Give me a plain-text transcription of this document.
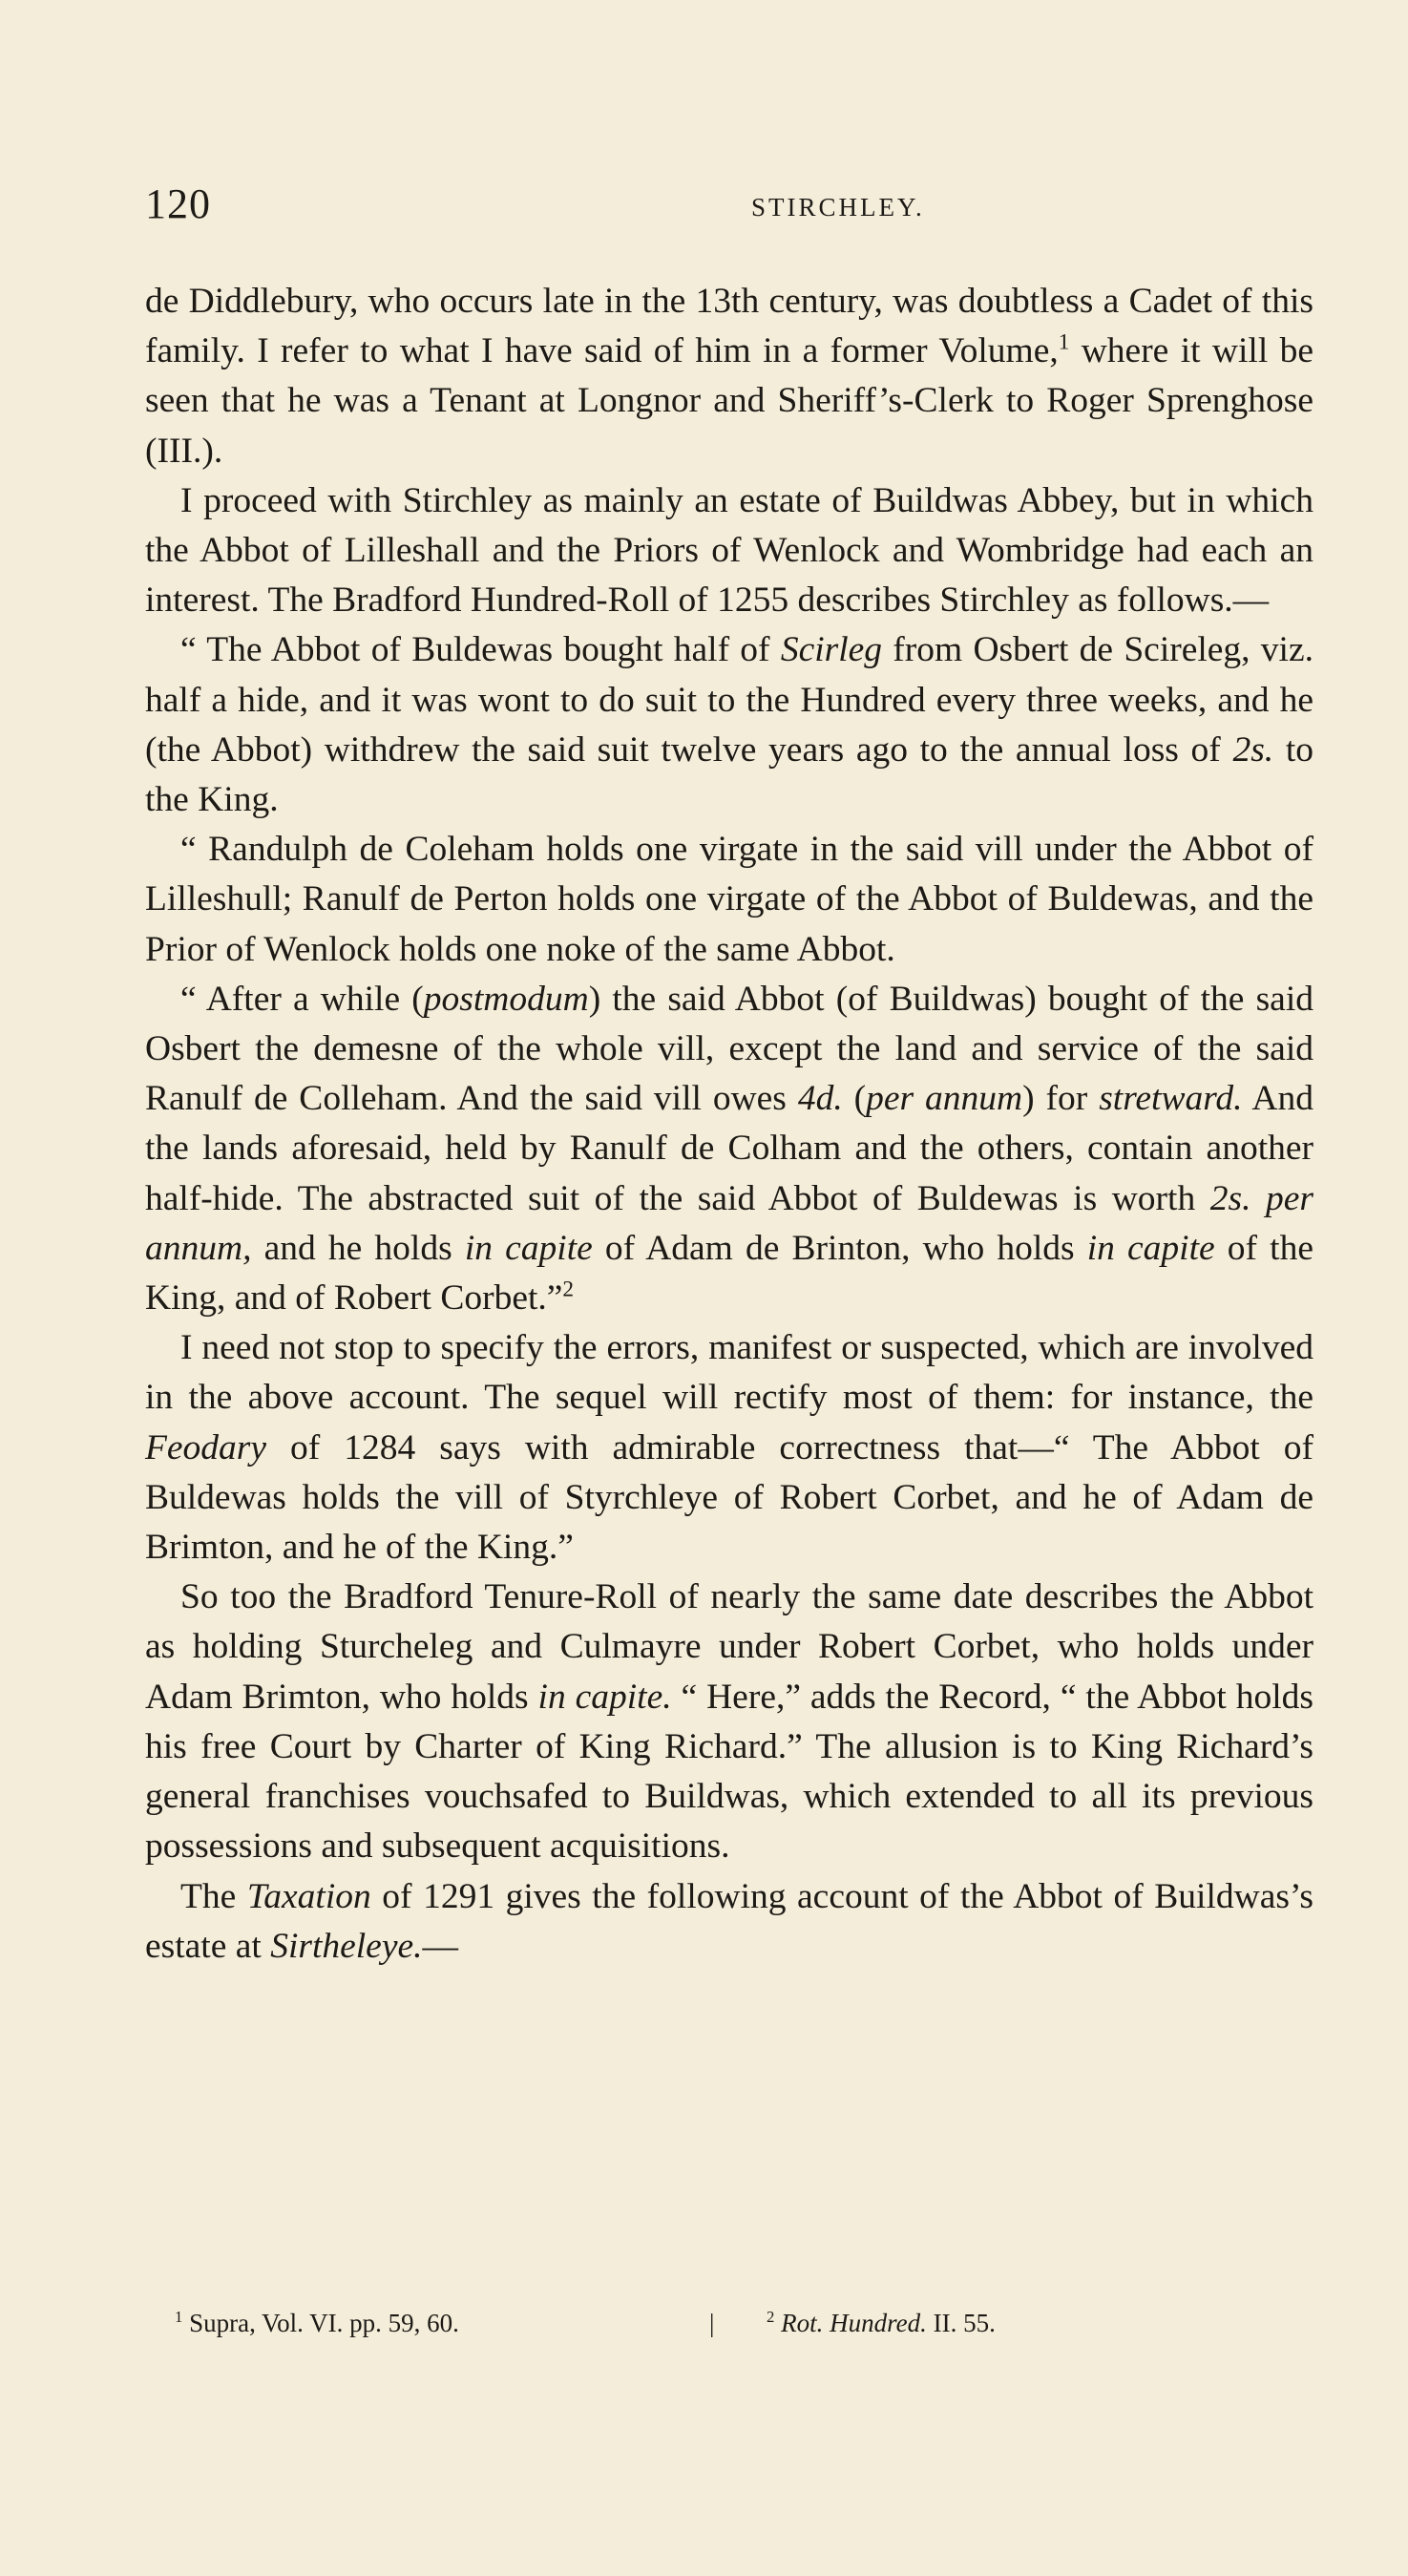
120	STIRCHLEY.

de Diddlebury, who occurs late in the 13th century, was doubtless a Cadet of this family. I refer to what I have said of him in a former Volume,$^1$ where it will be seen that he was a Tenant at Longnor and Sheriff’s-Clerk to Roger Sprenghose (III.).

I proceed with Stirchley as mainly an estate of Buildwas Abbey, but in which the Abbot of Lilleshall and the Priors of Wenlock and Wombridge had each an interest. The Bradford Hundred-Roll of 1255 describes Stirchley as follows.—

“ The Abbot of Buldewas bought half of Scirleg from Osbert de Scireleg, viz. half a hide, and it was wont to do suit to the Hundred every three weeks, and he (the Abbot) withdrew the said suit twelve years ago to the annual loss of 2s. to the King.

“ Randulph de Coleham holds one virgate in the said vill under the Abbot of Lilleshull; Ranulf de Perton holds one virgate of the Abbot of Buldewas, and the Prior of Wenlock holds one noke of the same Abbot.

“ After a while (postmodum) the said Abbot (of Buildwas) bought of the said Osbert the demesne of the whole vill, except the land and service of the said Ranulf de Colleham. And the said vill owes 4d. (per annum) for stretward. And the lands aforesaid, held by Ranulf de Colham and the others, contain another half-hide. The abstracted suit of the said Abbot of Buldewas is worth 2s. per annum, and he holds in capite of Adam de Brinton, who holds in capite of the King, and of Robert Corbet.”$^2$

I need not stop to specify the errors, manifest or suspected, which are involved in the above account. The sequel will rectify most of them: for instance, the Feodary of 1284 says with admirable correctness that—“ The Abbot of Buldewas holds the vill of Styrchleye of Robert Corbet, and he of Adam de Brimton, and he of the King.”

So too the Bradford Tenure-Roll of nearly the same date describes the Abbot as holding Sturcheleg and Culmayre under Robert Corbet, who holds under Adam Brimton, who holds in capite. “ Here,” adds the Record, “ the Abbot holds his free Court by Charter of King Richard.” The allusion is to King Richard’s general franchises vouchsafed to Buildwas, which extended to all its previous possessions and subsequent acquisitions.

The Taxation of 1291 gives the following account of the Abbot of Buildwas’s estate at Sirtheleye.—

$^1$ Supra, Vol. VI. pp. 59, 60.	|	$^2$ Rot. Hundred. II. 55.
